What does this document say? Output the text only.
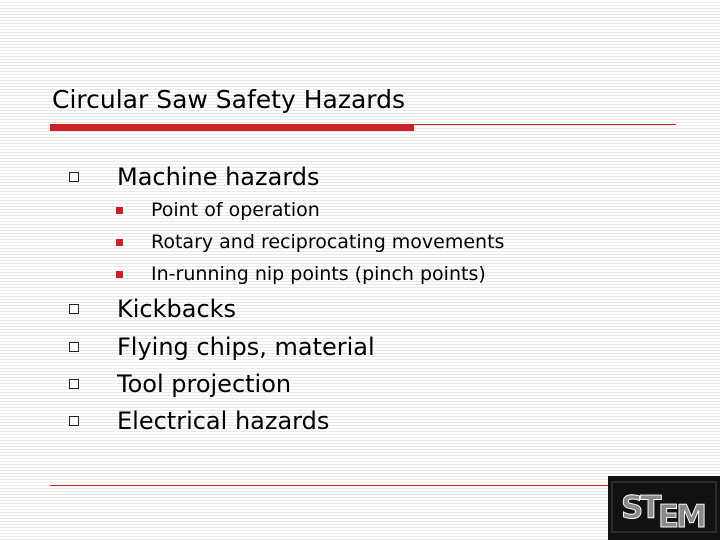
Circular Saw Safety Hazards
Machine hazards
Point of operation
Rotary and reciprocating movements
In-running nip points (pinch points)
Kickbacks
Flying chips, material
Tool projection
Electrical hazards
ST EM
